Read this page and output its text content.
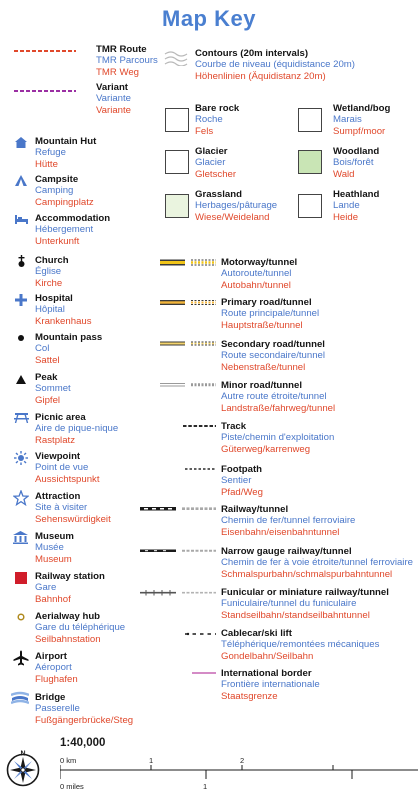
Map Key
TMR Route
TMR Parcours
TMR Weg
Variant
Variante
Variante
Contours (20m intervals)
Courbe de niveau (équidistance 20m)
Höhenlinien (Äquidistanz 20m)
Bare rock
Roche
Fels
Wetland/bog
Marais
Sumpf/moor
Glacier
Glacier
Gletscher
Woodland
Bois/forêt
Wald
Grassland
Herbages/pâturage
Wiese/Weideland
Heathland
Lande
Heide
Mountain Hut
Refuge
Hütte
Campsite
Camping
Campingplatz
Accommodation
Hébergement
Unterkunft
Church
Église
Kirche
Hospital
Hôpital
Krankenhaus
Mountain pass
Col
Sattel
Peak
Sommet
Gipfel
Picnic area
Aire de pique-nique
Rastplatz
Viewpoint
Point de vue
Aussichtspunkt
Attraction
Site à visiter
Sehenswürdigkeit
Museum
Musée
Museum
Railway station
Gare
Bahnhof
Aerialway hub
Gare du téléphérique
Seilbahnstation
Airport
Aéroport
Flughafen
Bridge
Passerelle
Fußgängerbrücke/Steg
Motorway/tunnel
Autoroute/tunnel
Autobahn/tunnel
Primary road/tunnel
Route principale/tunnel
Hauptstraße/tunnel
Secondary road/tunnel
Route secondaire/tunnel
Nebenstraße/tunnel
Minor road/tunnel
Autre route étroite/tunnel
Landstraße/fahrweg/tunnel
Track
Piste/chemin d'exploitation
Güterweg/karrenweg
Footpath
Sentier
Pfad/Weg
Railway/tunnel
Chemin de fer/tunnel ferroviaire
Eisenbahn/eisenbahntunnel
Narrow gauge railway/tunnel
Chemin de fer à voie étroite/tunnel ferroviaire
Schmalspurbahn/schmalspurbahntunnel
Funicular or miniature railway/tunnel
Funiculaire/tunnel du funiculaire
Standseilbahn/standseilbahntunnel
Cablecar/ski lift
Téléphérique/remontées mécaniques
Gondelbahn/Seilbahn
International border
Frontière internationale
Staatsgrenze
N
1:40,000
0 km	1	2
0 miles	1
